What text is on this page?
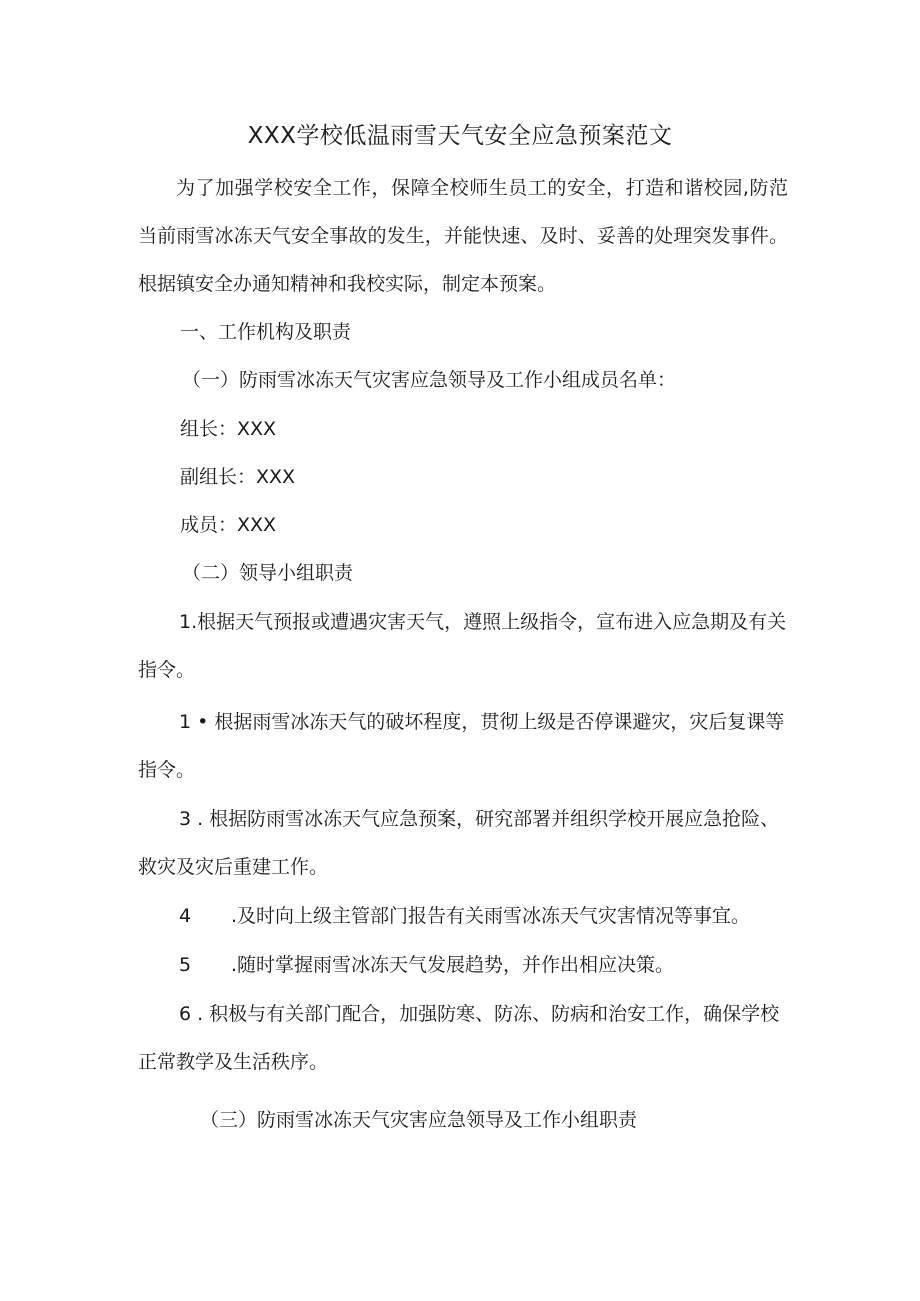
XXX学校低温雨雪天气安全应急预案范文
为了加强学校安全工作，保障全校师生员工的安全，打造和谐校园,防范当前雨雪冰冻天气安全事故的发生，并能快速、及时、妥善的处理突发事件。根据镇安全办通知精神和我校实际，制定本预案。
一、工作机构及职责
（一）防雨雪冰冻天气灾害应急领导及工作小组成员名单：
组长：XXX
副组长：XXX
成员：XXX
（二）领导小组职责
1.根据天气预报或遭遇灾害天气，遵照上级指令，宣布进入应急期及有关指令。
1 • 根据雨雪冰冻天气的破坏程度，贯彻上级是否停课避灾，灾后复课等指令。
3 . 根据防雨雪冰冻天气应急预案，研究部署并组织学校开展应急抢险、救灾及灾后重建工作。
4 .及时向上级主管部门报告有关雨雪冰冻天气灾害情况等事宜。
5 .随时掌握雨雪冰冻天气发展趋势，并作出相应决策。
6 . 积极与有关部门配合，加强防寒、防冻、防病和治安工作，确保学校正常教学及生活秩序。
（三）防雨雪冰冻天气灾害应急领导及工作小组职责
